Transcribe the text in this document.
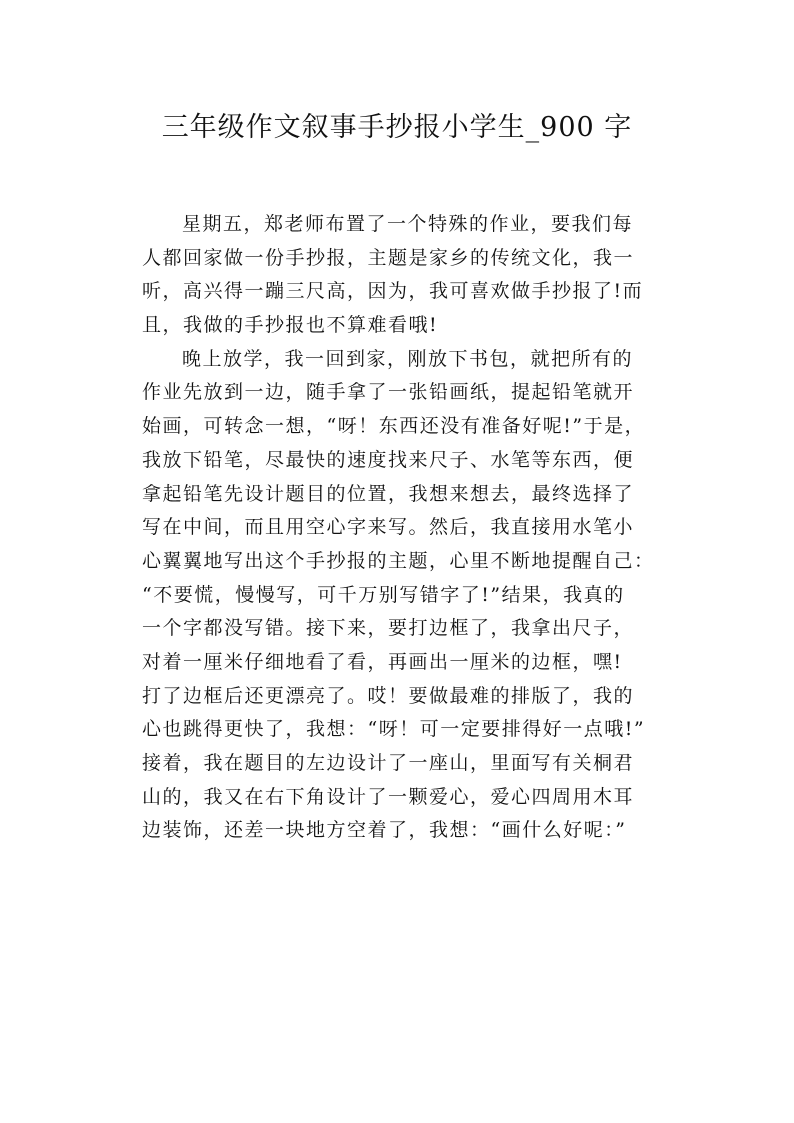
三年级作文叙事手抄报小学生_900 字
星期五，郑老师布置了一个特殊的作业，要我们每
人都回家做一份手抄报，主题是家乡的传统文化，我一
听，高兴得一蹦三尺高，因为，我可喜欢做手抄报了!而
且，我做的手抄报也不算难看哦!
晚上放学，我一回到家，刚放下书包，就把所有的
作业先放到一边，随手拿了一张铅画纸，提起铅笔就开
始画，可转念一想，“呀！东西还没有准备好呢!”于是，
我放下铅笔，尽最快的速度找来尺子、水笔等东西，便
拿起铅笔先设计题目的位置，我想来想去，最终选择了
写在中间，而且用空心字来写。然后，我直接用水笔小
心翼翼地写出这个手抄报的主题，心里不断地提醒自己：
“不要慌，慢慢写，可千万别写错字了!”结果，我真的
一个字都没写错。接下来，要打边框了，我拿出尺子，
对着一厘米仔细地看了看，再画出一厘米的边框，嘿!
打了边框后还更漂亮了。哎！要做最难的排版了，我的
心也跳得更快了，我想：“呀！可一定要排得好一点哦!”
接着，我在题目的左边设计了一座山，里面写有关桐君
山的，我又在右下角设计了一颗爱心，爱心四周用木耳
边装饰，还差一块地方空着了，我想：“画什么好呢：”
